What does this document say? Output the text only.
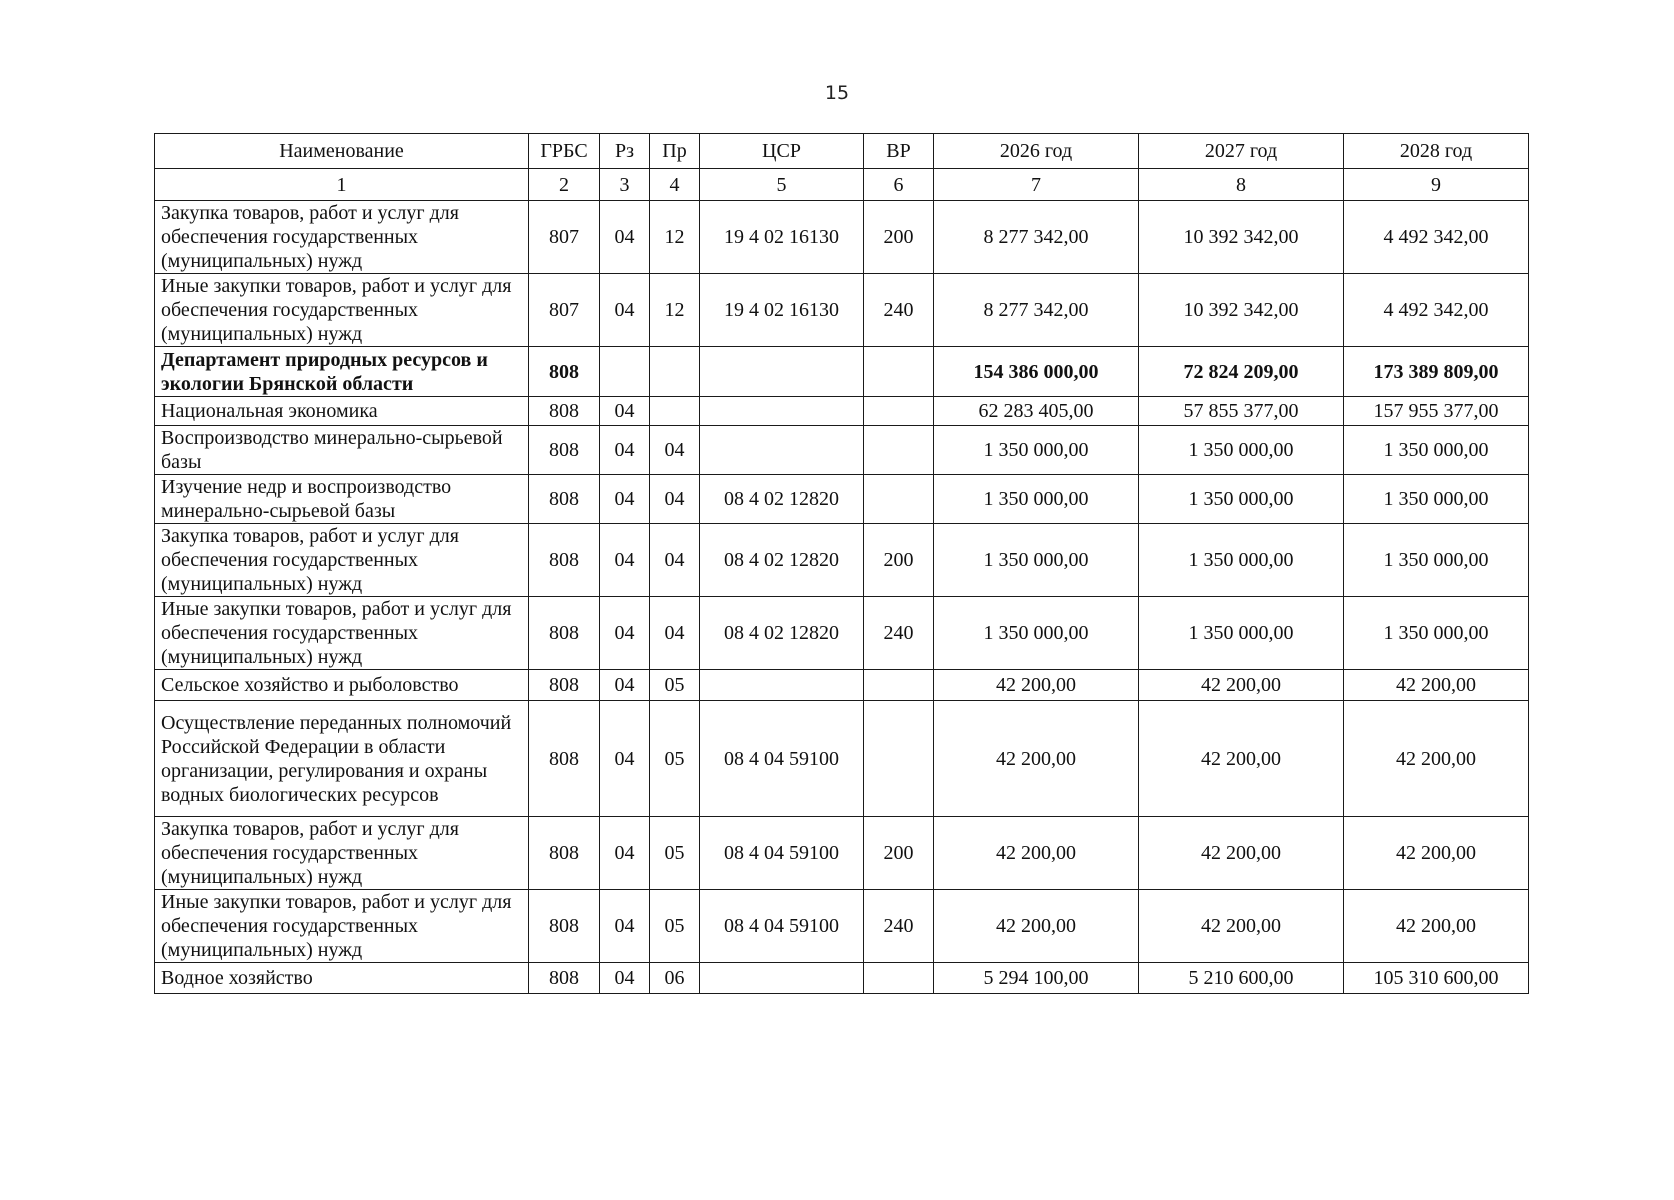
15
Наименование	ГРБС	Рз	Пр	ЦСР	ВР	2026 год	2027 год	2028 год
1	2	3	4	5	6	7	8	9
Закупка товаров, работ и услуг для обеспечения государственных (муниципальных) нужд	807	04	12	19 4 02 16130	200	8 277 342,00	10 392 342,00	4 492 342,00
Иные закупки товаров, работ и услуг для обеспечения государственных (муниципальных) нужд	807	04	12	19 4 02 16130	240	8 277 342,00	10 392 342,00	4 492 342,00
Департамент природных ресурсов и экологии Брянской области	808					154 386 000,00	72 824 209,00	173 389 809,00
Национальная экономика	808	04				62 283 405,00	57 855 377,00	157 955 377,00
Воспроизводство минерально-сырьевой базы	808	04	04			1 350 000,00	1 350 000,00	1 350 000,00
Изучение недр и воспроизводство минерально-сырьевой базы	808	04	04	08 4 02 12820		1 350 000,00	1 350 000,00	1 350 000,00
Закупка товаров, работ и услуг для обеспечения государственных (муниципальных) нужд	808	04	04	08 4 02 12820	200	1 350 000,00	1 350 000,00	1 350 000,00
Иные закупки товаров, работ и услуг для обеспечения государственных (муниципальных) нужд	808	04	04	08 4 02 12820	240	1 350 000,00	1 350 000,00	1 350 000,00
Сельское хозяйство и рыболовство	808	04	05			42 200,00	42 200,00	42 200,00
Осуществление переданных полномочий Российской Федерации в области организации, регулирования и охраны водных биологических ресурсов	808	04	05	08 4 04 59100		42 200,00	42 200,00	42 200,00
Закупка товаров, работ и услуг для обеспечения государственных (муниципальных) нужд	808	04	05	08 4 04 59100	200	42 200,00	42 200,00	42 200,00
Иные закупки товаров, работ и услуг для обеспечения государственных (муниципальных) нужд	808	04	05	08 4 04 59100	240	42 200,00	42 200,00	42 200,00
Водное хозяйство	808	04	06			5 294 100,00	5 210 600,00	105 310 600,00
